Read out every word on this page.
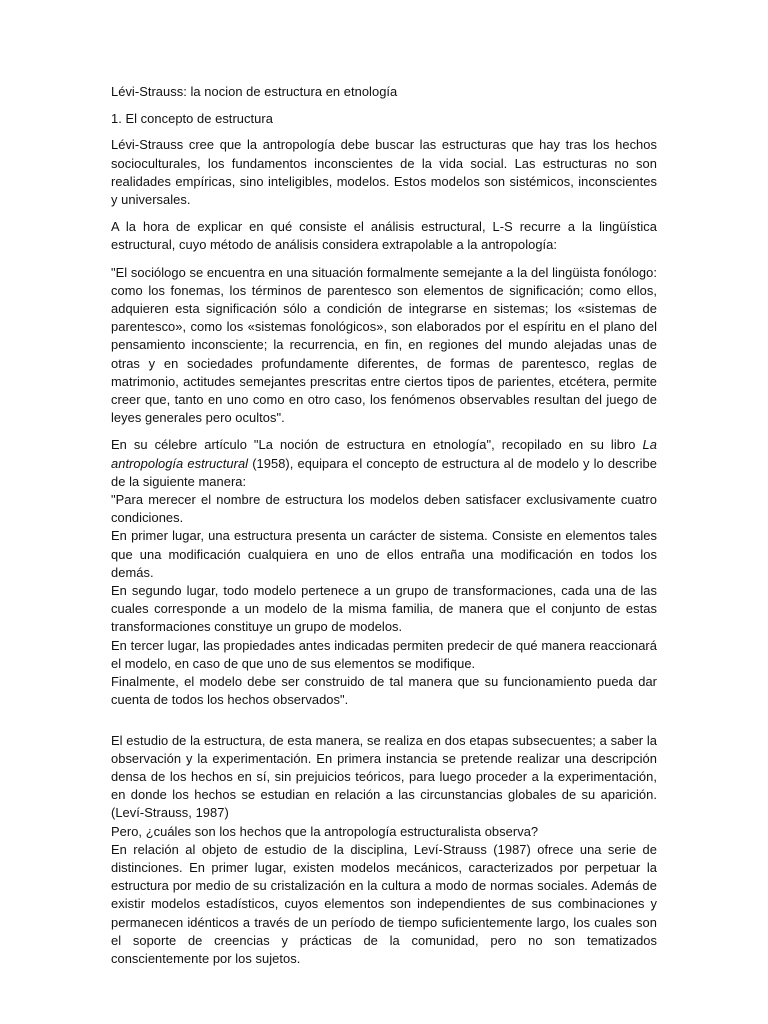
Lévi-Strauss: la nocion de estructura en etnología

1. El concepto de estructura

Lévi-Strauss cree que la antropología debe buscar las estructuras que hay tras los hechos socioculturales, los fundamentos inconscientes de la vida social. Las estructuras no son realidades empíricas, sino inteligibles, modelos. Estos modelos son sistémicos, inconscientes y universales.

A la hora de explicar en qué consiste el análisis estructural, L-S recurre a la lingüística estructural, cuyo método de análisis considera extrapolable a la antropología:

"El sociólogo se encuentra en una situación formalmente semejante a la del lingüista fonólogo: como los fonemas, los términos de parentesco son elementos de significación; como ellos, adquieren esta significación sólo a condición de integrarse en sistemas; los «sistemas de parentesco», como los «sistemas fonológicos», son elaborados por el espíritu en el plano del pensamiento inconsciente; la recurrencia, en fin, en regiones del mundo alejadas unas de otras y en sociedades profundamente diferentes, de formas de parentesco, reglas de matrimonio, actitudes semejantes prescritas entre ciertos tipos de parientes, etcétera, permite creer que, tanto en uno como en otro caso, los fenómenos observables resultan del juego de leyes generales pero ocultos".

En su célebre artículo "La noción de estructura en etnología", recopilado en su libro La antropología estructural (1958), equipara el concepto de estructura al de modelo y lo describe de la siguiente manera:

"Para merecer el nombre de estructura los modelos deben satisfacer exclusivamente cuatro condiciones.

En primer lugar, una estructura presenta un carácter de sistema. Consiste en elementos tales que una modificación cualquiera en uno de ellos entraña una modificación en todos los demás.

En segundo lugar, todo modelo pertenece a un grupo de transformaciones, cada una de las cuales corresponde a un modelo de la misma familia, de manera que el conjunto de estas transformaciones constituye un grupo de modelos.

En tercer lugar, las propiedades antes indicadas permiten predecir de qué manera reaccionará el modelo, en caso de que uno de sus elementos se modifique.

Finalmente, el modelo debe ser construido de tal manera que su funcionamiento pueda dar cuenta de todos los hechos observados".

El estudio de la estructura, de esta manera, se realiza en dos etapas subsecuentes; a saber la observación y la experimentación. En primera instancia se pretende realizar una descripción densa de los hechos en sí, sin prejuicios teóricos, para luego proceder a la experimentación, en donde los hechos se estudian en relación a las circunstancias globales de su aparición. (Leví-Strauss, 1987)

Pero, ¿cuáles son los hechos que la antropología estructuralista observa?

En relación al objeto de estudio de la disciplina, Leví-Strauss (1987) ofrece una serie de distinciones. En primer lugar, existen modelos mecánicos, caracterizados por perpetuar la estructura por medio de su cristalización en la cultura a modo de normas sociales. Además de existir modelos estadísticos, cuyos elementos son independientes de sus combinaciones y permanecen idénticos a través de un período de tiempo suficientemente largo, los cuales son el soporte de creencias y prácticas de la comunidad, pero no son tematizados conscientemente por los sujetos.
